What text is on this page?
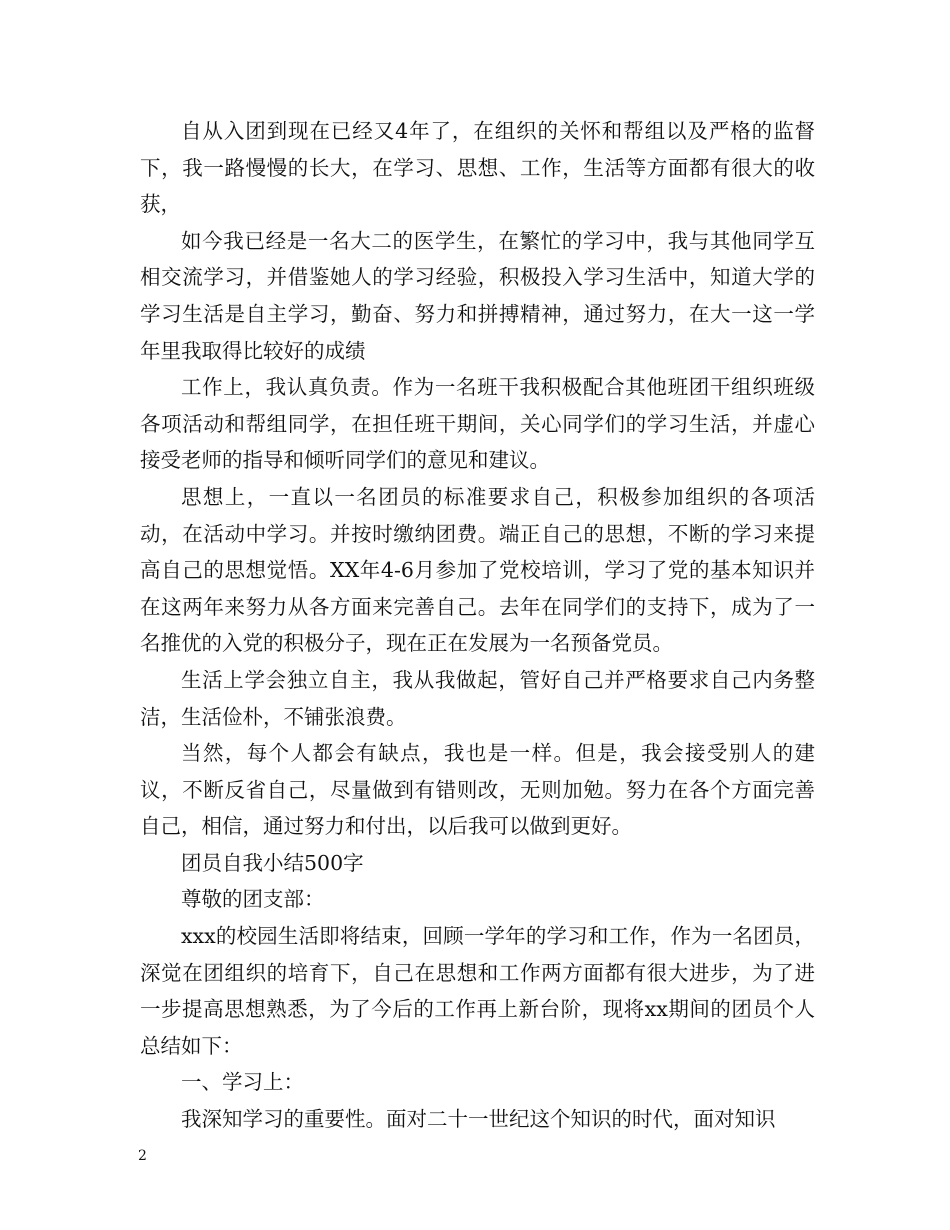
自从入团到现在已经又4年了，在组织的关怀和帮组以及严格的监督下，我一路慢慢的长大，在学习、思想、工作，生活等方面都有很大的收获，

如今我已经是一名大二的医学生，在繁忙的学习中，我与其他同学互相交流学习，并借鉴她人的学习经验，积极投入学习生活中，知道大学的学习生活是自主学习，勤奋、努力和拼搏精神，通过努力，在大一这一学年里我取得比较好的成绩

工作上，我认真负责。作为一名班干我积极配合其他班团干组织班级各项活动和帮组同学，在担任班干期间，关心同学们的学习生活，并虚心接受老师的指导和倾听同学们的意见和建议。

思想上，一直以一名团员的标准要求自己，积极参加组织的各项活动，在活动中学习。并按时缴纳团费。端正自己的思想，不断的学习来提高自己的思想觉悟。XX年4-6月参加了党校培训，学习了党的基本知识并在这两年来努力从各方面来完善自己。去年在同学们的支持下，成为了一名推优的入党的积极分子，现在正在发展为一名预备党员。

生活上学会独立自主，我从我做起，管好自己并严格要求自己内务整洁，生活俭朴，不铺张浪费。

当然，每个人都会有缺点，我也是一样。但是，我会接受别人的建议，不断反省自己，尽量做到有错则改，无则加勉。努力在各个方面完善自己，相信，通过努力和付出，以后我可以做到更好。

团员自我小结500字

尊敬的团支部：

xxx的校园生活即将结束，回顾一学年的学习和工作，作为一名团员，深觉在团组织的培育下，自己在思想和工作两方面都有很大进步，为了进一步提高思想熟悉，为了今后的工作再上新台阶，现将xx期间的团员个人总结如下：

一、学习上：

我深知学习的重要性。面对二十一世纪这个知识的时代，面对知识

2
